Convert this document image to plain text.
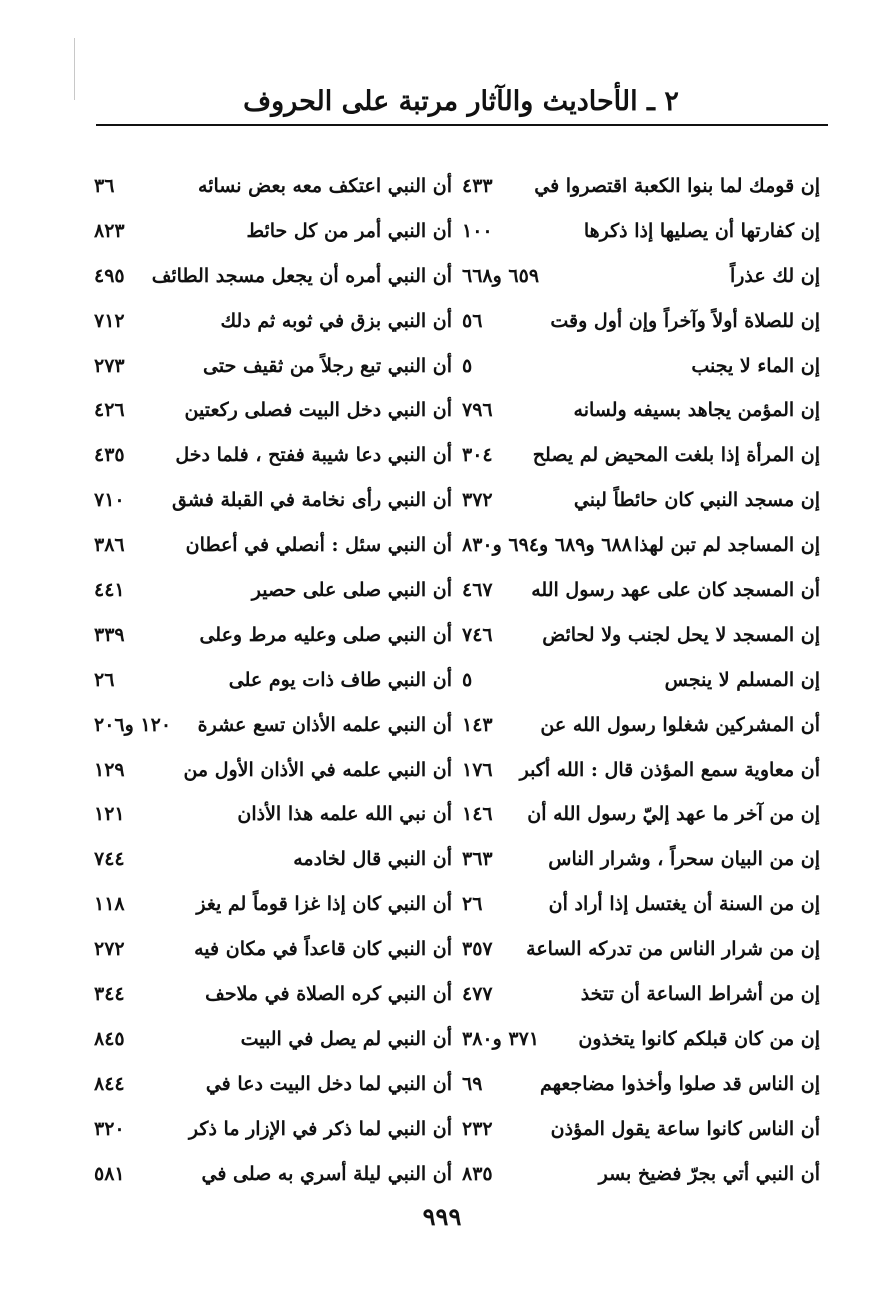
٢ ـ الأحاديث والآثار مرتبة على الحروف
إن قومك لما بنوا الكعبة اقتصروا في
٤٣٣
إن كفارتها أن يصليها إذا ذكرها
١٠٠
إن لك عذراً
٦٥٩ و٦٦٨
إن للصلاة أولاً وآخراً وإن أول وقت
٥٦
إن الماء لا يجنب
٥
إن المؤمن يجاهد بسيفه ولسانه
٧٩٦
إن المرأة إذا بلغت المحيض لم يصلح
٣٠٤
إن مسجد النبي كان حائطاً لبني
٣٧٢
إن المساجد لم تبن لهذا
٦٨٨ و٦٨٩ و٦٩٤ و٨٣٠
أن المسجد كان على عهد رسول الله
٤٦٧
إن المسجد لا يحل لجنب ولا لحائض
٧٤٦
إن المسلم لا ينجس
٥
أن المشركين شغلوا رسول الله عن
١٤٣
أن معاوية سمع المؤذن قال : الله أكبر
١٧٦
إن من آخر ما عهد إليّ رسول الله أن
١٤٦
إن من البيان سحراً ، وشرار الناس
٣٦٣
إن من السنة أن يغتسل إذا أراد أن
٢٦
إن من شرار الناس من تدركه الساعة
٣٥٧
إن من أشراط الساعة أن تتخذ
٤٧٧
إن من كان قبلكم كانوا يتخذون
٣٧١ و٣٨٠
إن الناس قد صلوا وأخذوا مضاجعهم
٦٩
أن الناس كانوا ساعة يقول المؤذن
٢٣٢
أن النبي أتي بجرّ فضيخ بسر
٨٣٥
أن النبي اعتكف معه بعض نسائه
٣٦
أن النبي أمر من كل حائط
٨٢٣
أن النبي أمره أن يجعل مسجد الطائف
٤٩٥
أن النبي بزق في ثوبه ثم دلك
٧١٢
أن النبي تبع رجلاً من ثقيف حتى
٢٧٣
أن النبي دخل البيت فصلى ركعتين
٤٢٦
أن النبي دعا شيبة ففتح ، فلما دخل
٤٣٥
أن النبي رأى نخامة في القبلة فشق
٧١٠
أن النبي سئل : أنصلي في أعطان
٣٨٦
أن النبي صلى على حصير
٤٤١
أن النبي صلى وعليه مرط وعلى
٣٣٩
أن النبي طاف ذات يوم على
٢٦
أن النبي علمه الأذان تسع عشرة
١٢٠ و٢٠٦
أن النبي علمه في الأذان الأول من
١٢٩
أن نبي الله علمه هذا الأذان
١٢١
أن النبي قال لخادمه
٧٤٤
أن النبي كان إذا غزا قوماً لم يغز
١١٨
أن النبي كان قاعداً في مكان فيه
٢٧٢
أن النبي كره الصلاة في ملاحف
٣٤٤
أن النبي لم يصل في البيت
٨٤٥
أن النبي لما دخل البيت دعا في
٨٤٤
أن النبي لما ذكر في الإزار ما ذكر
٣٢٠
أن النبي ليلة أسري به صلى في
٥٨١
٩٩٩
